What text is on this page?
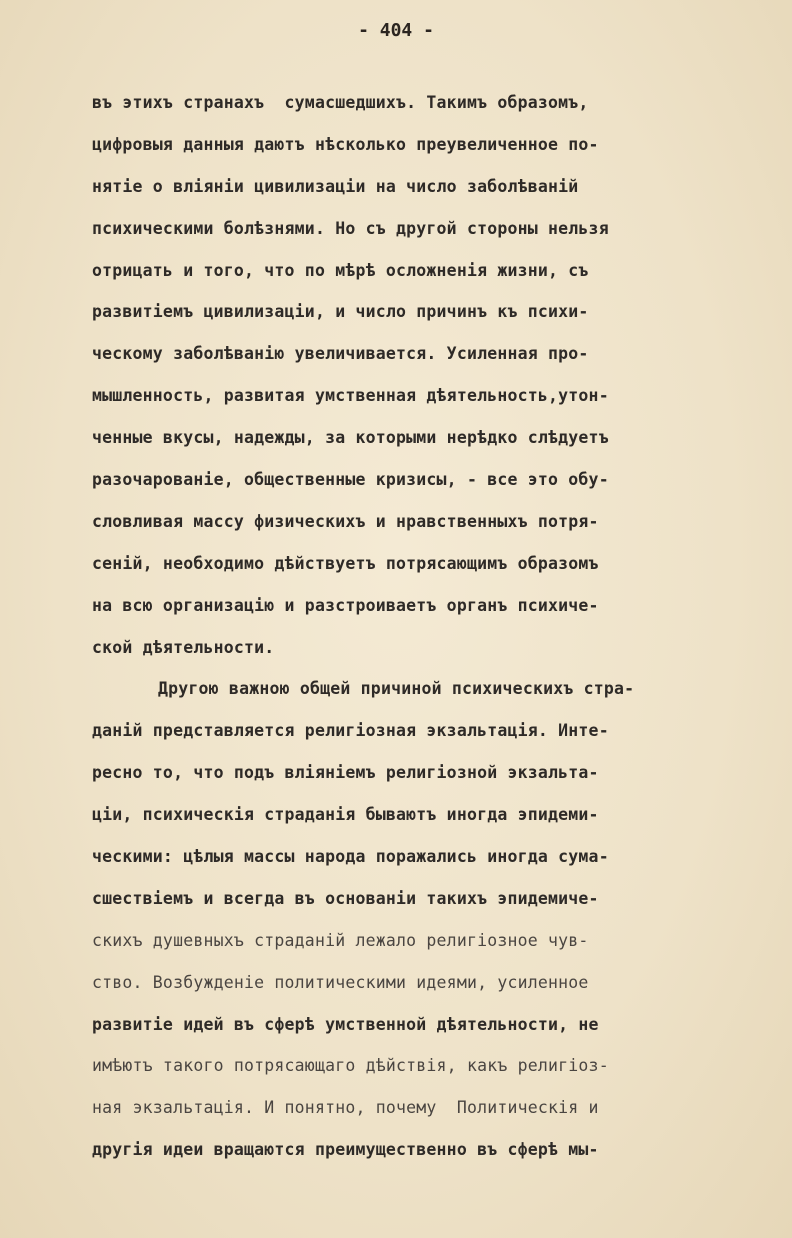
- 404 -
въ этихъ странахъ  сумасшедшихъ. Такимъ образомъ,
цифровыя данныя даютъ нѣсколько преувеличенное по-
нятiе о влiянiи цивилизацiи на число заболѣванiй
психическими болѣзнями. Но съ другой стороны нельзя
отрицать и того, что по мѣрѣ осложненiя жизни, съ
развитiемъ цивилизацiи, и число причинъ къ психи-
ческому заболѣванiю увеличивается. Усиленная про-
мышленность, развитая умственная дѣятельность,утон-
ченные вкусы, надежды, за которыми нерѣдко слѣдуетъ
разочарованiе, общественные кризисы, - все это обу-
словливая массу физическихъ и нравственныхъ потря-
сенiй, необходимо дѣйствуетъ потрясающимъ образомъ
на всю организацiю и разстроиваетъ органъ психиче-
ской дѣятельности.
Другою важною общей причиной психическихъ стра-
данiй представляется религiозная экзальтацiя. Инте-
ресно то, что подъ влiянiемъ религiозной экзальта-
цiи, психическiя страданiя бываютъ иногда эпидеми-
ческими: цѣлыя массы народа поражались иногда сума-
сшествiемъ и всегда въ основанiи такихъ эпидемиче-
скихъ душевныхъ страданiй лежало религiозное чув-
ство. Возбужденiе политическими идеями, усиленное
развитiе идей въ сферѣ умственной дѣятельности, не
имѣютъ такого потрясающаго дѣйствiя, какъ религiоз-
ная экзальтацiя. И понятно, почему  Политическiя и
другiя идеи вращаются преимущественно въ сферѣ мы-
